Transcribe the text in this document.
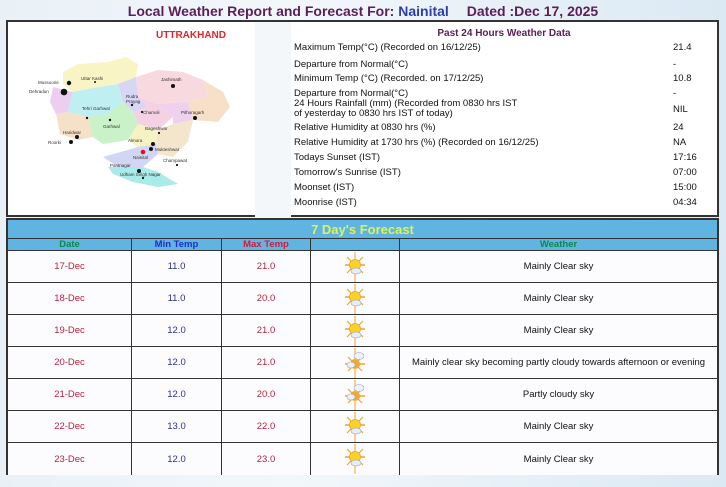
Local Weather Report and Forecast For: Nainital Dated :Dec 17, 2025
UTTRAKHAND
Mussoorie
Dehradun
Uttar Kashi	Jashimath
Rudra
Prayag
Tehri Garhwal
Chamoli	Pithoragarh
Garhwal
Haridwar
Roorki
Bageshwar
Almora
Mukteshwar
Nainital
Champawat
Pantnagar
Udham Singh Nagar
Past 24 Hours Weather Data
Maximum Temp(°C) (Recorded on 16/12/25)	21.4
Departure from Normal(°C)	-
Minimum Temp (°C) (Recorded. on 17/12/25)	10.8
Departure from Normal(°C)	-
24 Hours Rainfall (mm) (Recorded from 0830 hrs IST
of yesterday to 0830 hrs IST of today)	NIL
Relative Humidity at 0830 hrs (%)	24
Relative Humidity at 1730 hrs (%) (Recorded on 16/12/25)	NA
Todays Sunset (IST)	17:16
Tomorrow's Sunrise (IST)	07:00
Moonset (IST)	15:00
Moonrise (IST)	04:34
7 Day's Forecast
Date	Min Temp	Max Temp	Weather
17-Dec	11.0	21.0	Mainly Clear sky
18-Dec	11.0	20.0	Mainly Clear sky
19-Dec	12.0	21.0	Mainly Clear sky
20-Dec	12.0	21.0	Mainly clear sky becoming partly cloudy towards afternoon or evening
21-Dec	12.0	20.0	Partly cloudy sky
22-Dec	13.0	22.0	Mainly Clear sky
23-Dec	12.0	23.0	Mainly Clear sky
